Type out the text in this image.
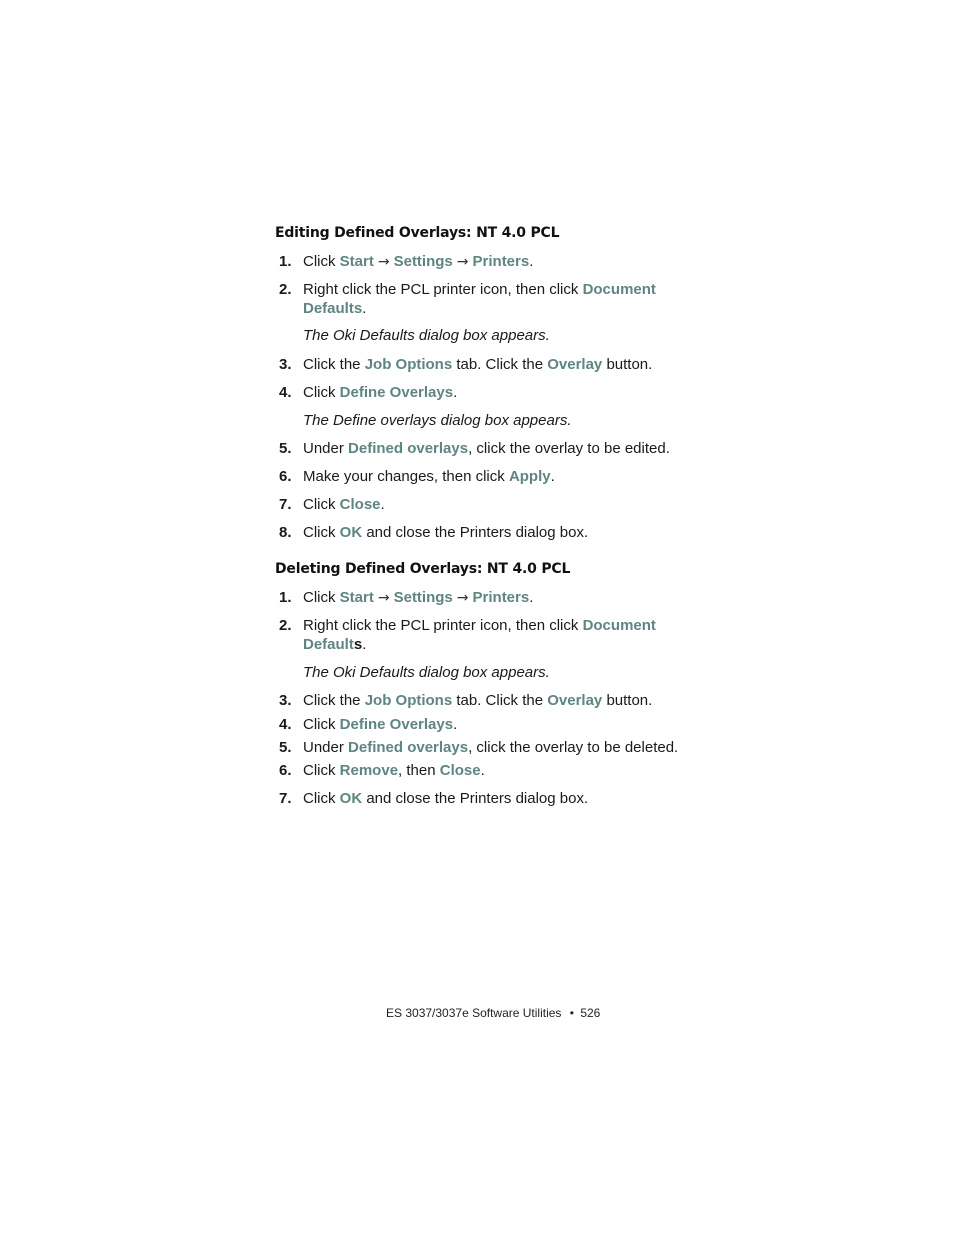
Editing Defined Overlays: NT 4.0 PCL
1. Click Start → Settings → Printers.
2. Right click the PCL printer icon, then click Document
Defaults.
The Oki Defaults dialog box appears.
3. Click the Job Options tab. Click the Overlay button.
4. Click Define Overlays.
The Define overlays dialog box appears.
5. Under Defined overlays, click the overlay to be edited.
6. Make your changes, then click Apply.
7. Click Close.
8. Click OK and close the Printers dialog box.
Deleting Defined Overlays: NT 4.0 PCL
1. Click Start → Settings → Printers.
2. Right click the PCL printer icon, then click Document
Defaults.
The Oki Defaults dialog box appears.
3. Click the Job Options tab. Click the Overlay button.
4. Click Define Overlays.
5. Under Defined overlays, click the overlay to be deleted.
6. Click Remove, then Close.
7. Click OK and close the Printers dialog box.
ES 3037/3037e Software Utilities • 526
